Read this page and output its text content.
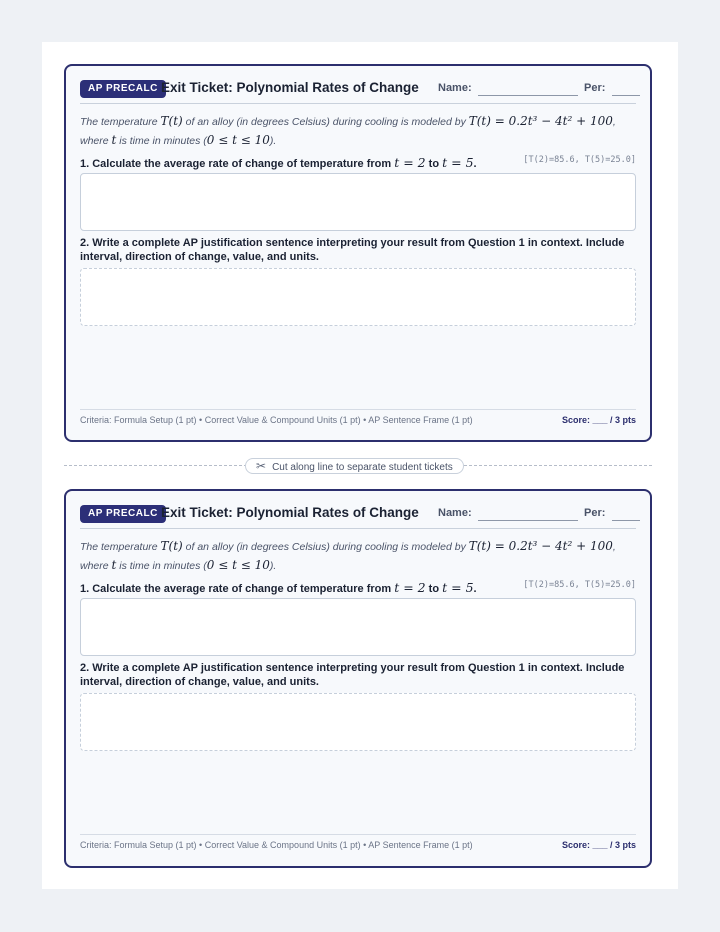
AP PRECALC Exit Ticket: Polynomial Rates of Change Name:	Per:
The temperature T(t) of an alloy (in degrees Celsius) during cooling is modeled by T(t) = 0.2t³ − 4t² + 100, where t is time in minutes (0 ≤ t ≤ 10).
1. Calculate the average rate of change of temperature from t = 2 to t = 5.	[T(2)=85.6, T(5)=25.0]
2. Write a complete AP justification sentence interpreting your result from Question 1 in context. Include interval, direction of change, value, and units.
Criteria: Formula Setup (1 pt) • Correct Value & Compound Units (1 pt) • AP Sentence Frame (1 pt)	Score: ___ / 3 pts
✂ Cut along line to separate student tickets
AP PRECALC Exit Ticket: Polynomial Rates of Change Name:	Per:
The temperature T(t) of an alloy (in degrees Celsius) during cooling is modeled by T(t) = 0.2t³ − 4t² + 100, where t is time in minutes (0 ≤ t ≤ 10).
1. Calculate the average rate of change of temperature from t = 2 to t = 5.	[T(2)=85.6, T(5)=25.0]
2. Write a complete AP justification sentence interpreting your result from Question 1 in context. Include interval, direction of change, value, and units.
Criteria: Formula Setup (1 pt) • Correct Value & Compound Units (1 pt) • AP Sentence Frame (1 pt)	Score: ___ / 3 pts
